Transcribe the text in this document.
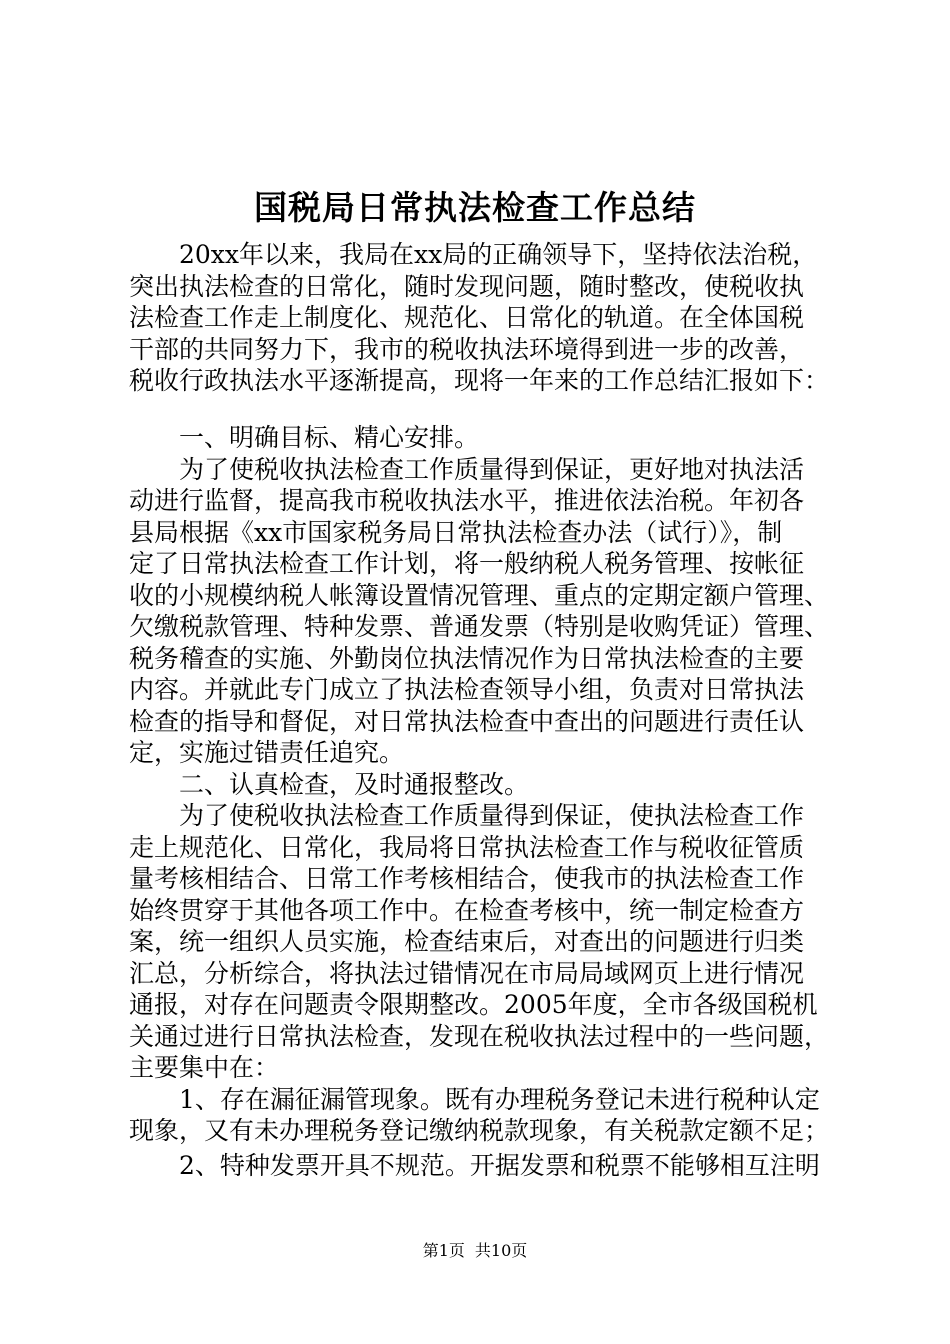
国税局日常执法检查工作总结
20xx年以来，我局在xx局的正确领导下，坚持依法治税，
突出执法检查的日常化，随时发现问题，随时整改，使税收执
法检查工作走上制度化、规范化、日常化的轨道。在全体国税
干部的共同努力下，我市的税收执法环境得到进一步的改善，
税收行政执法水平逐渐提高，现将一年来的工作总结汇报如下：
一、明确目标、精心安排。
为了使税收执法检查工作质量得到保证，更好地对执法活
动进行监督，提高我市税收执法水平，推进依法治税。年初各
县局根据《xx市国家税务局日常执法检查办法（试行）》，制
定了日常执法检查工作计划，将一般纳税人税务管理、按帐征
收的小规模纳税人帐簿设置情况管理、重点的定期定额户管理、
欠缴税款管理、特种发票、普通发票（特别是收购凭证）管理、
税务稽查的实施、外勤岗位执法情况作为日常执法检查的主要
内容。并就此专门成立了执法检查领导小组，负责对日常执法
检查的指导和督促，对日常执法检查中查出的问题进行责任认
定，实施过错责任追究。
二、认真检查，及时通报整改。
为了使税收执法检查工作质量得到保证，使执法检查工作
走上规范化、日常化，我局将日常执法检查工作与税收征管质
量考核相结合、日常工作考核相结合，使我市的执法检查工作
始终贯穿于其他各项工作中。在检查考核中，统一制定检查方
案，统一组织人员实施，检查结束后，对查出的问题进行归类
汇总，分析综合，将执法过错情况在市局局域网页上进行情况
通报，对存在问题责令限期整改。2005年度，全市各级国税机
关通过进行日常执法检查，发现在税收执法过程中的一些问题，
主要集中在：
1、存在漏征漏管现象。既有办理税务登记未进行税种认定
现象，又有未办理税务登记缴纳税款现象，有关税款定额不足；
2、特种发票开具不规范。开据发票和税票不能够相互注明
第1页 共10页
